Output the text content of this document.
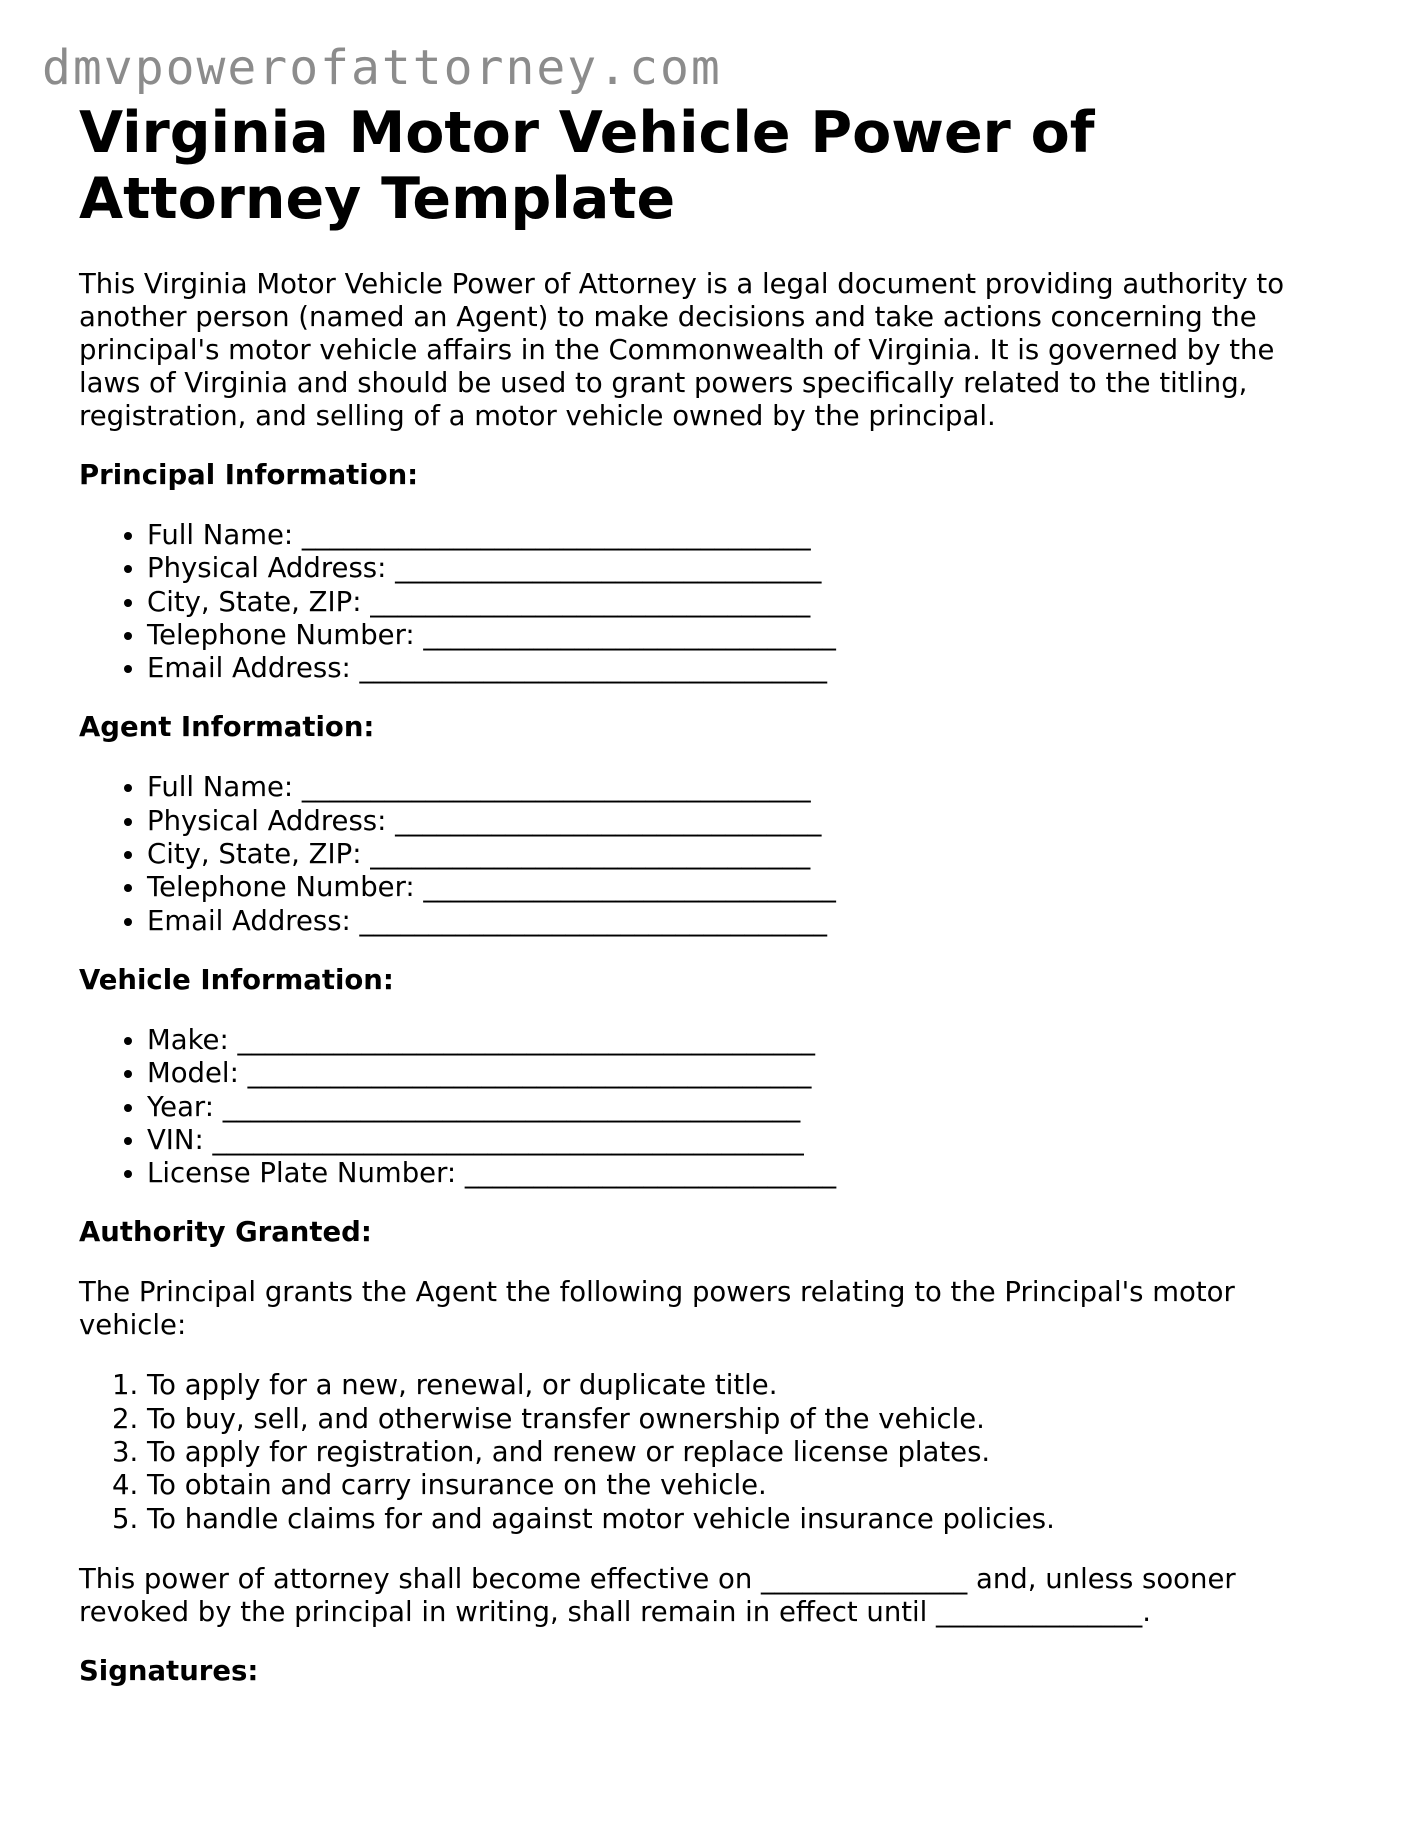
dmvpowerofattorney.com
Virginia Motor Vehicle Power of Attorney Template

This Virginia Motor Vehicle Power of Attorney is a legal document providing authority to another person (named an Agent) to make decisions and take actions concerning the principal's motor vehicle affairs in the Commonwealth of Virginia. It is governed by the laws of Virginia and should be used to grant powers specifically related to the titling, registration, and selling of a motor vehicle owned by the principal.

Principal Information:
• Full Name: _____________________________________
• Physical Address: _______________________________
• City, State, ZIP: ________________________________
• Telephone Number: ______________________________
• Email Address: __________________________________
Agent Information:
• Full Name: _____________________________________
• Physical Address: _______________________________
• City, State, ZIP: ________________________________
• Telephone Number: ______________________________
• Email Address: __________________________________
Vehicle Information:
• Make: __________________________________________
• Model: _________________________________________
• Year: __________________________________________
• VIN: ___________________________________________
• License Plate Number: ___________________________
Authority Granted:

The Principal grants the Agent the following powers relating to the Principal's motor vehicle:

1. To apply for a new, renewal, or duplicate title.
2. To buy, sell, and otherwise transfer ownership of the vehicle.
3. To apply for registration, and renew or replace license plates.
4. To obtain and carry insurance on the vehicle.
5. To handle claims for and against motor vehicle insurance policies.

This power of attorney shall become effective on _______________ and, unless sooner revoked by the principal in writing, shall remain in effect until _______________.

Signatures:
